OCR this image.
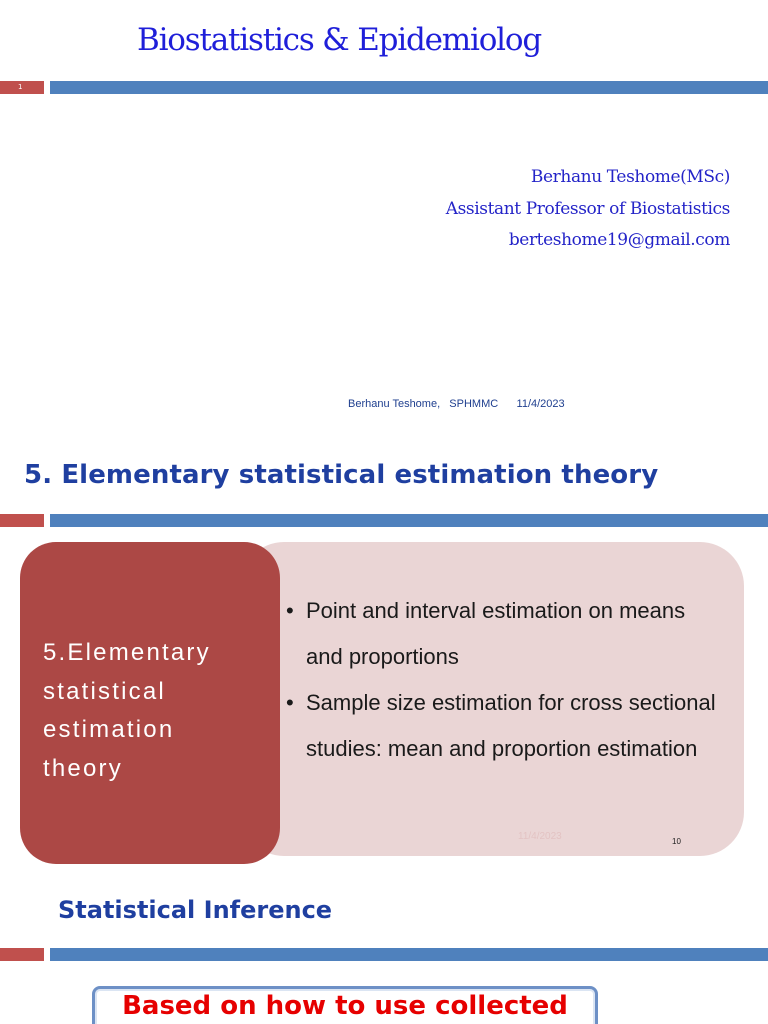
Biostatistics & Epidemiolog
1
Berhanu Teshome(MSc)
Assistant Professor of Biostatistics
berteshome19@gmail.com
Berhanu Teshome,   SPHMMC      11/4/2023
5. Elementary statistical estimation theory
5.Elementary statistical estimation theory
• Point and interval estimation on means and proportions
• Sample size estimation for cross sectional studies: mean and proportion estimation
11/4/2023	10
Statistical Inference
Based on how to use collected
